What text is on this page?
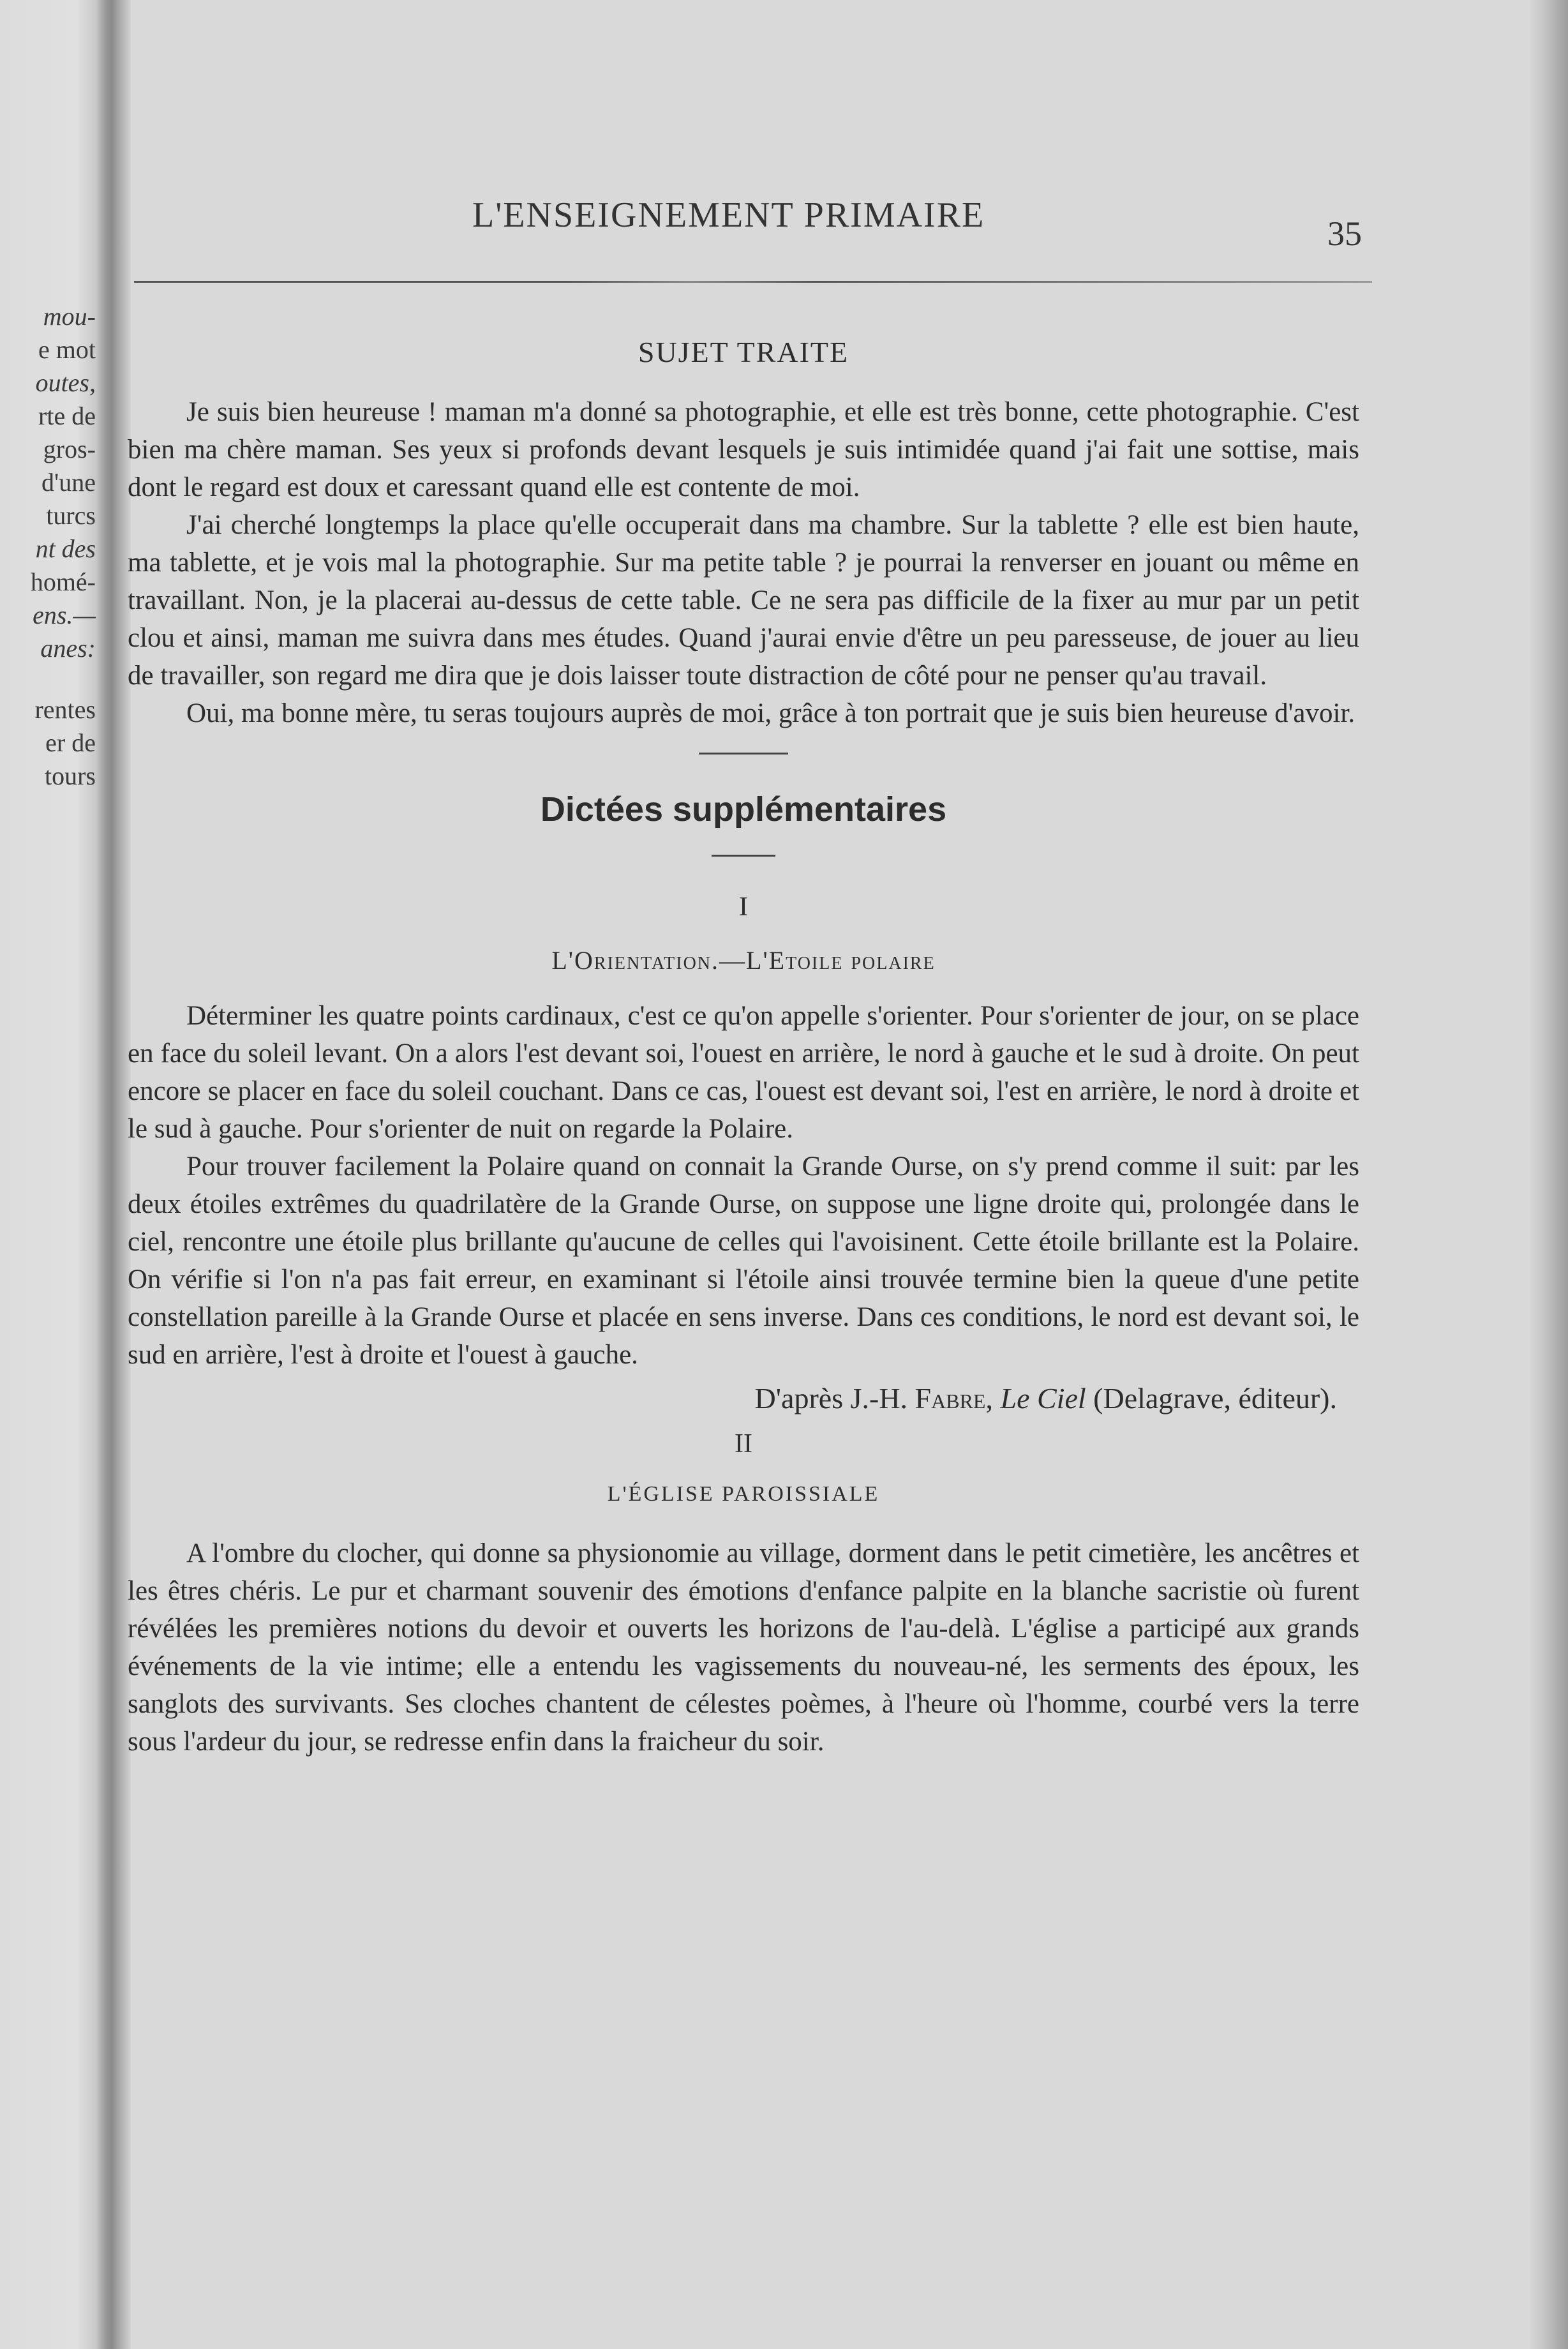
mou-
e mot
outes,
rte de
gros-
d'une
turcs
nt des
homé-
ens.—
anes:
rentes
er de
tours
L'ENSEIGNEMENT PRIMAIRE	35
SUJET TRAITE

Je suis bien heureuse ! maman m'a donné sa photographie, et elle est très bonne, cette photographie. C'est bien ma chère maman. Ses yeux si profonds devant lesquels je suis intimidée quand j'ai fait une sottise, mais dont le regard est doux et caressant quand elle est contente de moi.

J'ai cherché longtemps la place qu'elle occuperait dans ma chambre. Sur la tablette ? elle est bien haute, ma tablette, et je vois mal la photographie. Sur ma petite table ? je pourrai la renverser en jouant ou même en travaillant. Non, je la placerai au-dessus de cette table. Ce ne sera pas difficile de la fixer au mur par un petit clou et ainsi, maman me suivra dans mes études. Quand j'aurai envie d'être un peu paresseuse, de jouer au lieu de travailler, son regard me dira que je dois laisser toute distraction de côté pour ne penser qu'au travail.

Oui, ma bonne mère, tu seras toujours auprès de moi, grâce à ton portrait que je suis bien heureuse d'avoir.

Dictées supplémentaires
I
L'Orientation.—L'Etoile polaire

Déterminer les quatre points cardinaux, c'est ce qu'on appelle s'orienter. Pour s'orienter de jour, on se place en face du soleil levant. On a alors l'est devant soi, l'ouest en arrière, le nord à gauche et le sud à droite. On peut encore se placer en face du soleil couchant. Dans ce cas, l'ouest est devant soi, l'est en arrière, le nord à droite et le sud à gauche. Pour s'orienter de nuit on regarde la Polaire.

Pour trouver facilement la Polaire quand on connait la Grande Ourse, on s'y prend comme il suit: par les deux étoiles extrêmes du quadrilatère de la Grande Ourse, on suppose une ligne droite qui, prolongée dans le ciel, rencontre une étoile plus brillante qu'aucune de celles qui l'avoisinent. Cette étoile brillante est la Polaire. On vérifie si l'on n'a pas fait erreur, en examinant si l'étoile ainsi trouvée termine bien la queue d'une petite constellation pareille à la Grande Ourse et placée en sens inverse. Dans ces conditions, le nord est devant soi, le sud en arrière, l'est à droite et l'ouest à gauche.

D'après J.-H. Fabre, Le Ciel (Delagrave, éditeur).
II
L'ÉGLISE PAROISSIALE

A l'ombre du clocher, qui donne sa physionomie au village, dorment dans le petit cimetière, les ancêtres et les êtres chéris. Le pur et charmant souvenir des émotions d'enfance palpite en la blanche sacristie où furent révélées les premières notions du devoir et ouverts les horizons de l'au-delà. L'église a participé aux grands événements de la vie intime; elle a entendu les vagissements du nouveau-né, les serments des époux, les sanglots des survivants. Ses cloches chantent de célestes poèmes, à l'heure où l'homme, courbé vers la terre sous l'ardeur du jour, se redresse enfin dans la fraicheur du soir.
